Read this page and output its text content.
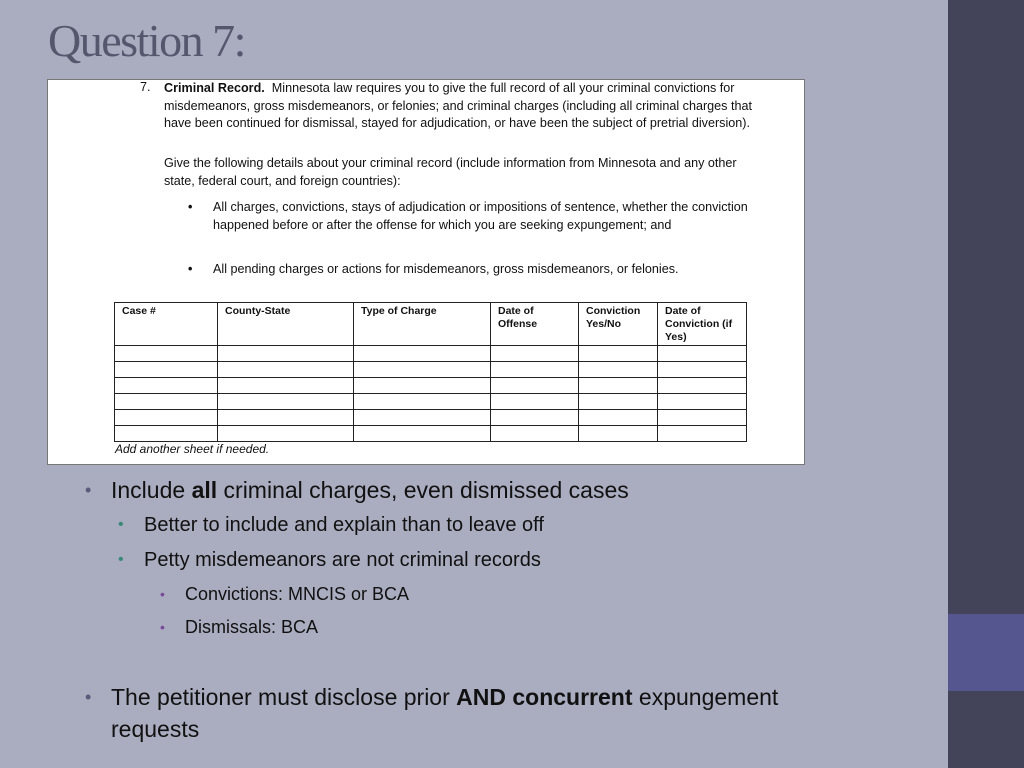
Question 7:
7. Criminal Record. Minnesota law requires you to give the full record of all your criminal convictions for misdemeanors, gross misdemeanors, or felonies; and criminal charges (including all criminal charges that have been continued for dismissal, stayed for adjudication, or have been the subject of pretrial diversion).

Give the following details about your criminal record (include information from Minnesota and any other state, federal court, and foreign countries):

•	All charges, convictions, stays of adjudication or impositions of sentence, whether the conviction happened before or after the offense for which you are seeking expungement; and
•	All pending charges or actions for misdemeanors, gross misdemeanors, or felonies.
Case #	County-State	Type of Charge	Date of Offense	Conviction Yes/No	Date of Conviction (if Yes)

Add another sheet if needed.
• Include all criminal charges, even dismissed cases
• Better to include and explain than to leave off
• Petty misdemeanors are not criminal records
• Convictions: MNCIS or BCA
• Dismissals: BCA
• The petitioner must disclose prior AND concurrent expungement
requests
